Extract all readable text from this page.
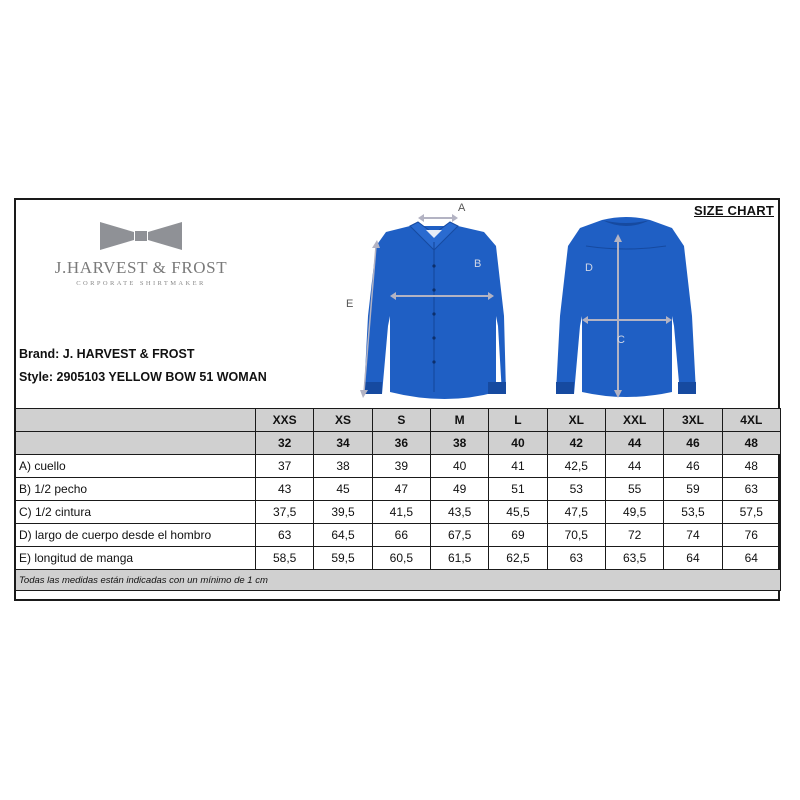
SIZE CHART
J.HARVEST & FROST
CORPORATE SHIRTMAKER
Brand: J. HARVEST & FROST
Style: 2905103 YELLOW BOW 51 WOMAN
A
B
E
D
C
	XXS	XS	S	M	L	XL	XXL	3XL	4XL
	32	34	36	38	40	42	44	46	48
A) cuello	37	38	39	40	41	42,5	44	46	48
B) 1/2 pecho	43	45	47	49	51	53	55	59	63
C) 1/2 cintura	37,5	39,5	41,5	43,5	45,5	47,5	49,5	53,5	57,5
D) largo de cuerpo desde el hombro	63	64,5	66	67,5	69	70,5	72	74	76
E) longitud de manga	58,5	59,5	60,5	61,5	62,5	63	63,5	64	64
Todas las medidas están indicadas con un mínimo de 1 cm									
